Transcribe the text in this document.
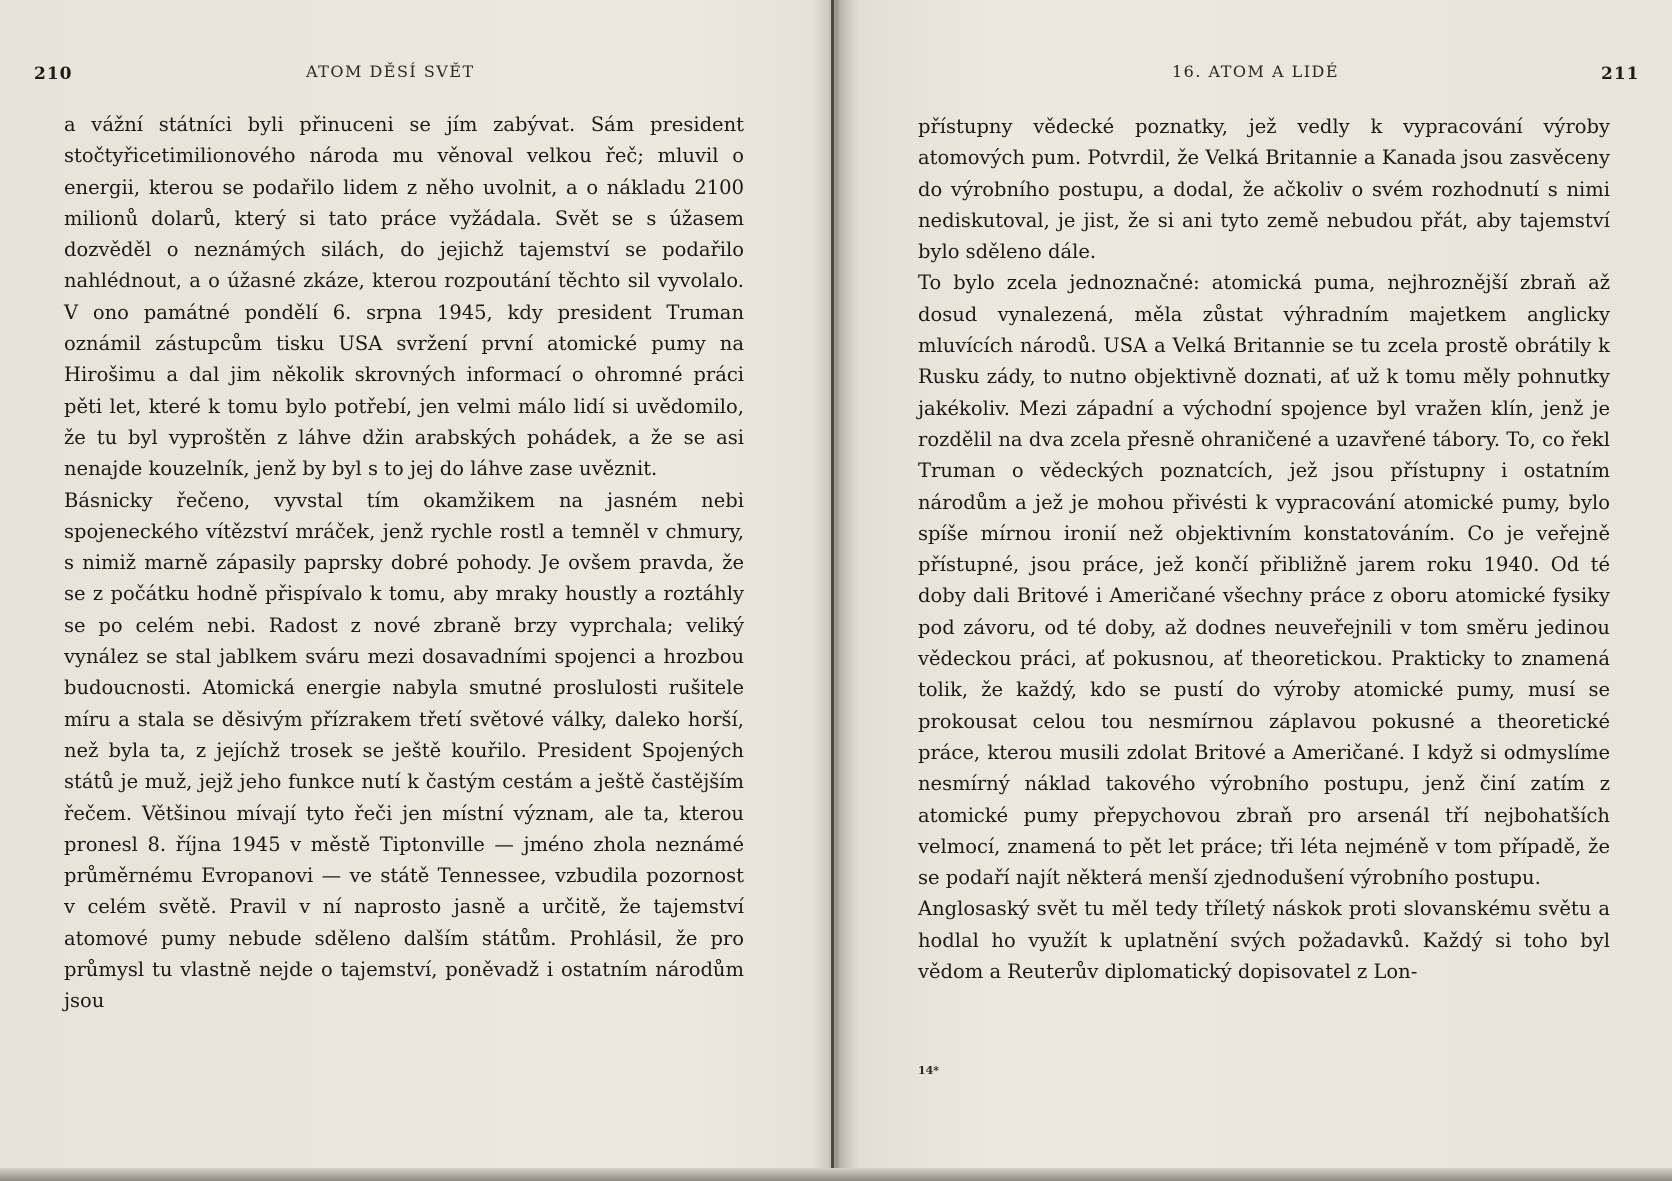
210	ATOM DĚSÍ SVĚT

a vážní státníci byli přinuceni se jím zabývat. Sám president stočtyřicetimilionového národa mu věnoval velkou řeč; mluvil o energii, kterou se podařilo lidem z něho uvolnit, a o nákladu 2100 milionů dolarů, který si tato práce vyžádala. Svět se s úžasem dozvěděl o neznámých silách, do jejichž tajemství se podařilo nahlédnout, a o úžasné zkáze, kterou rozpoutání těchto sil vyvolalo. V ono památné pondělí 6. srpna 1945, kdy president Truman oznámil zástupcům tisku USA svržení první atomické pumy na Hirošimu a dal jim několik skrovných informací o ohromné práci pěti let, které k tomu bylo potřebí, jen velmi málo lidí si uvědomilo, že tu byl vyproštěn z láhve džin arabských pohádek, a že se asi nenajde kouzelník, jenž by byl s to jej do láhve zase uvěznit.

Básnicky řečeno, vyvstal tím okamžikem na jasném nebi spojeneckého vítězství mráček, jenž rychle rostl a temněl v chmury, s nimiž marně zápasily paprsky dobré pohody. Je ovšem pravda, že se z počátku hodně přispívalo k tomu, aby mraky houstly a roztáhly se po celém nebi. Radost z nové zbraně brzy vyprchala; veliký vynález se stal jablkem sváru mezi dosavadními spojenci a hrozbou budoucnosti. Atomická energie nabyla smutné proslulosti rušitele míru a stala se děsivým přízrakem třetí světové války, daleko horší, než byla ta, z jejíchž trosek se ještě kouřilo. President Spojených států je muž, jejž jeho funkce nutí k častým cestám a ještě častějším řečem. Většinou mívají tyto řeči jen místní význam, ale ta, kterou pronesl 8. října 1945 v městě Tiptonville — jméno zhola neznámé průměrnému Evropanovi — ve státě Tennessee, vzbudila pozornost v celém světě. Pravil v ní naprosto jasně a určitě, že tajemství atomové pumy nebude sděleno dalším státům. Prohlásil, že pro průmysl tu vlastně nejde o tajemství, poněvadž i ostatním národům jsou

16. ATOM A LIDÉ	211

přístupny vědecké poznatky, jež vedly k vypracování výroby atomových pum. Potvrdil, že Velká Britannie a Kanada jsou zasvěceny do výrobního postupu, a dodal, že ačkoliv o svém rozhodnutí s nimi nediskutoval, je jist, že si ani tyto země nebudou přát, aby tajemství bylo sděleno dále.

To bylo zcela jednoznačné: atomická puma, nejhroznější zbraň až dosud vynalezená, měla zůstat výhradním majetkem anglicky mluvících národů. USA a Velká Britannie se tu zcela prostě obrátily k Rusku zády, to nutno objektivně doznati, ať už k tomu měly pohnutky jakékoliv. Mezi západní a východní spojence byl vražen klín, jenž je rozdělil na dva zcela přesně ohraničené a uzavřené tábory. To, co řekl Truman o vědeckých poznatcích, jež jsou přístupny i ostatním národům a jež je mohou přivésti k vypracování atomické pumy, bylo spíše mírnou ironií než objektivním konstatováním. Co je veřejně přístupné, jsou práce, jež končí přibližně jarem roku 1940. Od té doby dali Britové i Američané všechny práce z oboru atomické fysiky pod závoru, od té doby, až dodnes neuveřejnili v tom směru jedinou vědeckou práci, ať pokusnou, ať theoretickou. Prakticky to znamená tolik, že každý, kdo se pustí do výroby atomické pumy, musí se prokousat celou tou nesmírnou záplavou pokusné a theoretické práce, kterou musili zdolat Britové a Američané. I když si odmyslíme nesmírný náklad takového výrobního postupu, jenž činí zatím z atomické pumy přepychovou zbraň pro arsenál tří nejbohatších velmocí, znamená to pět let práce; tři léta nejméně v tom případě, že se podaří najít některá menší zjednodušení výrobního postupu.

Anglosaský svět tu měl tedy tříletý náskok proti slovanskému světu a hodlal ho využít k uplatnění svých požadavků. Každý si toho byl vědom a Reuterův diplomatický dopisovatel z Lon-

14*
